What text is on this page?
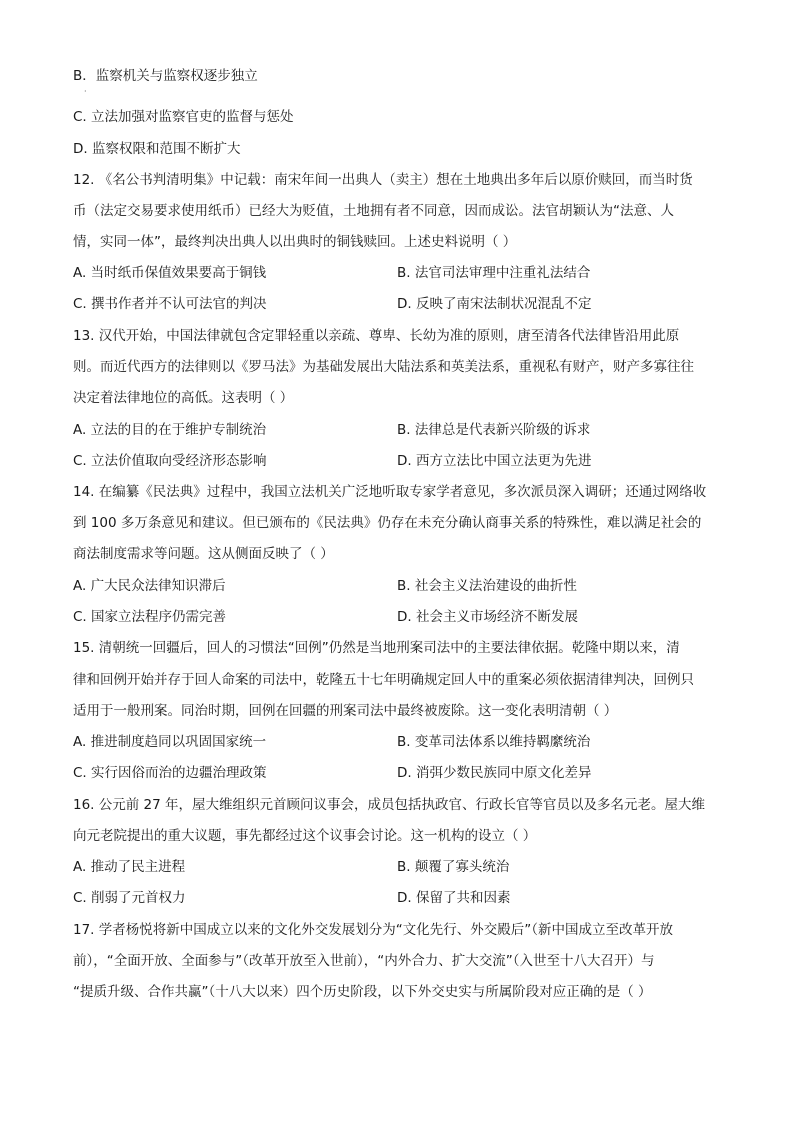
B．监察机关与监察权逐步独立
·
C. 立法加强对监察官吏的监督与惩处
D. 监察权限和范围不断扩大
12. 《名公书判清明集》中记载：南宋年间一出典人（卖主）想在土地典出多年后以原价赎回，而当时货
币（法定交易要求使用纸币）已经大为贬值，土地拥有者不同意，因而成讼。法官胡颖认为“法意、人
情，实同一体”，最终判决出典人以出典时的铜钱赎回。上述史料说明（ ）
A. 当时纸币保值效果要高于铜钱	B. 法官司法审理中注重礼法结合
C. 撰书作者并不认可法官的判决	D. 反映了南宋法制状况混乱不定
13. 汉代开始，中国法律就包含定罪轻重以亲疏、尊卑、长幼为准的原则，唐至清各代法律皆沿用此原
则。而近代西方的法律则以《罗马法》为基础发展出大陆法系和英美法系，重视私有财产，财产多寡往往
决定着法律地位的高低。这表明（ ）
A. 立法的目的在于维护专制统治	B. 法律总是代表新兴阶级的诉求
C. 立法价值取向受经济形态影响	D. 西方立法比中国立法更为先进
14. 在编纂《民法典》过程中，我国立法机关广泛地听取专家学者意见，多次派员深入调研；还通过网络收
到 100 多万条意见和建议。但已颁布的《民法典》仍存在未充分确认商事关系的特殊性，难以满足社会的
商法制度需求等问题。这从侧面反映了（ ）
A. 广大民众法律知识滞后	B. 社会主义法治建设的曲折性
C. 国家立法程序仍需完善	D. 社会主义市场经济不断发展
15. 清朝统一回疆后，回人的习惯法“回例”仍然是当地刑案司法中的主要法律依据。乾隆中期以来，清
律和回例开始并存于回人命案的司法中，乾隆五十七年明确规定回人中的重案必须依据清律判决，回例只
适用于一般刑案。同治时期，回例在回疆的刑案司法中最终被废除。这一变化表明清朝（ ）
A. 推进制度趋同以巩固国家统一	B. 变革司法体系以维持羁縻统治
C. 实行因俗而治的边疆治理政策	D. 消弭少数民族同中原文化差异
16. 公元前 27 年，屋大维组织元首顾问议事会，成员包括执政官、行政长官等官员以及多名元老。屋大维
向元老院提出的重大议题，事先都经过这个议事会讨论。这一机构的设立（ ）
A. 推动了民主进程	B. 颠覆了寡头统治
C. 削弱了元首权力	D. 保留了共和因素
17. 学者杨悦将新中国成立以来的文化外交发展划分为“文化先行、外交殿后”（新中国成立至改革开放
前），“全面开放、全面参与”（改革开放至入世前），“内外合力、扩大交流”（入世至十八大召开）与
“提质升级、合作共赢”（十八大以来）四个历史阶段，以下外交史实与所属阶段对应正确的是（ ）
